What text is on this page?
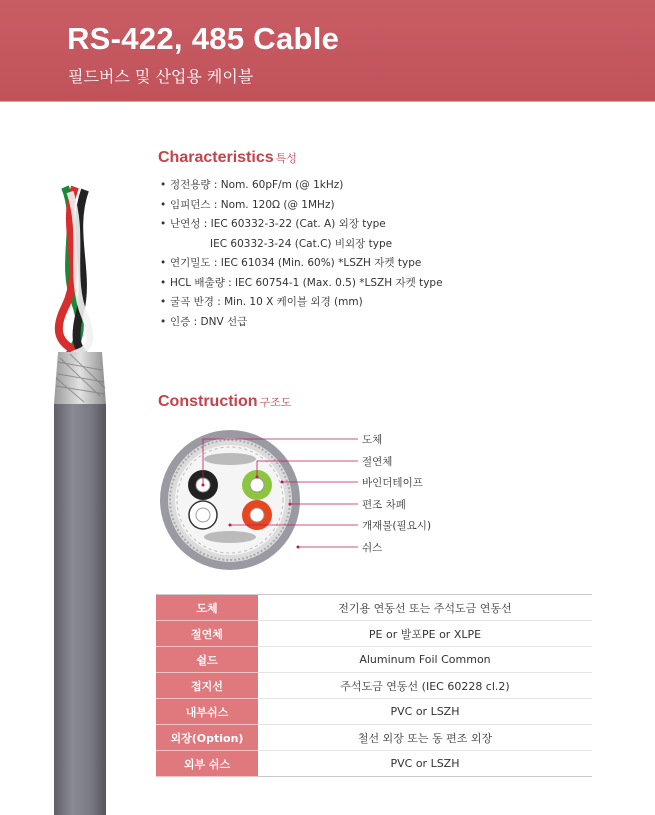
RS-422, 485 Cable
필드버스 및 산업용 케이블
Characteristics 특성
• 정전용량 : Nom. 60pF/m (@ 1kHz)
• 임피던스 : Nom. 120Ω (@ 1MHz)
• 난연성 : IEC 60332-3-22 (Cat. A) 외장 type
IEC 60332-3-24 (Cat.C) 비외장 type
• 연기밀도 : IEC 61034 (Min. 60%) *LSZH 자켓 type
• HCL 배출량 : IEC 60754-1 (Max. 0.5) *LSZH 자켓 type
• 굴곡 반경 : Min. 10 X 케이블 외경 (mm)
• 인증 : DNV 선급
Construction 구조도
도체
절연체
바인더테이프
편조 차폐
개재물(필요시)
쉬스
도체	전기용 연동선 또는 주석도금 연동선
절연체	PE or 발포PE or XLPE
쉴드	Aluminum Foil Common
접지선	주석도금 연동선 (IEC 60228 cl.2)
내부쉬스	PVC or LSZH
외장(Option)	철선 외장 또는 동 편조 외장
외부 쉬스	PVC or LSZH
